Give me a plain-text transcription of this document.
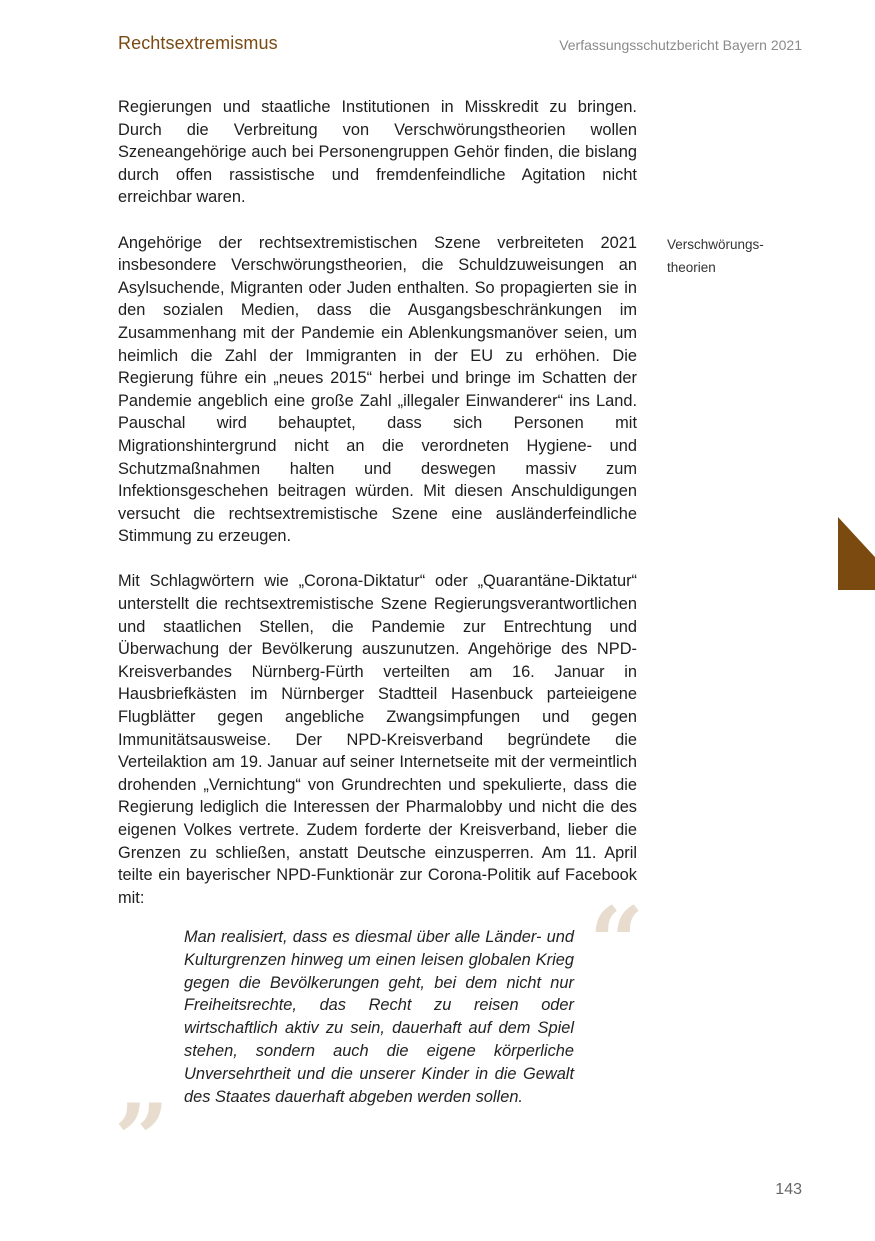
Rechtsextremismus	Verfassungsschutzbericht Bayern 2021

Regierungen und staatliche Institutionen in Misskredit zu bringen. Durch die Verbreitung von Verschwörungstheorien wollen Szeneangehörige auch bei Personengruppen Gehör finden, die bislang durch offen rassistische und fremdenfeindliche Agitation nicht erreichbar waren.

Angehörige der rechtsextremistischen Szene verbreiteten 2021 insbesondere Verschwörungstheorien, die Schuldzuweisungen an Asylsuchende, Migranten oder Juden enthalten. So propagierten sie in den sozialen Medien, dass die Ausgangsbeschränkungen im Zusammenhang mit der Pandemie ein Ablenkungsmanöver seien, um heimlich die Zahl der Immigranten in der EU zu erhöhen. Die Regierung führe ein „neues 2015“ herbei und bringe im Schatten der Pandemie angeblich eine große Zahl „illegaler Einwanderer“ ins Land. Pauschal wird behauptet, dass sich Personen mit Migrationshintergrund nicht an die verordneten Hygiene- und Schutzmaßnahmen halten und deswegen massiv zum Infektionsgeschehen beitragen würden. Mit diesen Anschuldigungen versucht die rechtsextremistische Szene eine ausländerfeindliche Stimmung zu erzeugen.

Mit Schlagwörtern wie „Corona-Diktatur“ oder „Quarantäne-Diktatur“ unterstellt die rechtsextremistische Szene Regierungsverantwortlichen und staatlichen Stellen, die Pandemie zur Entrechtung und Überwachung der Bevölkerung auszunutzen. Angehörige des NPD-Kreisverbandes Nürnberg-Fürth verteilten am 16. Januar in Hausbriefkästen im Nürnberger Stadtteil Hasenbuck parteieigene Flugblätter gegen angebliche Zwangsimpfungen und gegen Immunitätsausweise. Der NPD-Kreisverband begründete die Verteilaktion am 19. Januar auf seiner Internetseite mit der vermeintlich drohenden „Vernichtung“ von Grundrechten und spekulierte, dass die Regierung lediglich die Interessen der Pharmalobby und nicht die des eigenen Volkes vertrete. Zudem forderte der Kreisverband, lieber die Grenzen zu schließen, anstatt Deutsche einzusperren. Am 11. April teilte ein bayerischer NPD-Funktionär zur Corona-Politik auf Facebook mit:

Verschwörungs-
theorien
“

Man realisiert, dass es diesmal über alle Länder- und Kulturgrenzen hinweg um einen leisen globalen Krieg gegen die Bevölkerungen geht, bei dem nicht nur Freiheitsrechte, das Recht zu reisen oder wirtschaftlich aktiv zu sein, dauerhaft auf dem Spiel stehen, sondern auch die eigene körperliche Unversehrtheit und die unserer Kinder in die Gewalt des Staates dauerhaft abgeben werden sollen.

”	143
